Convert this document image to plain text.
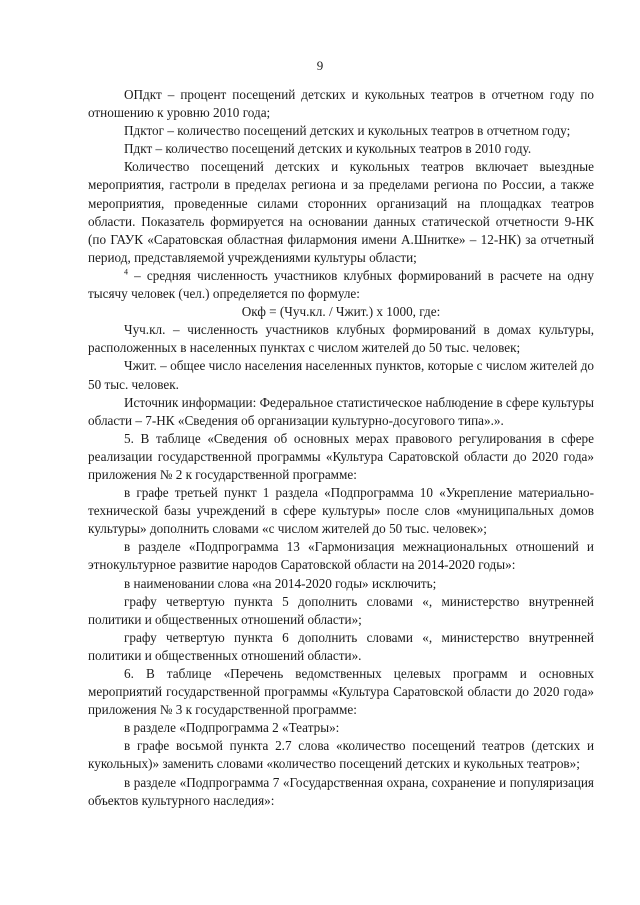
9

ОПдкт – процент посещений детских и кукольных театров в отчетном году по отношению к уровню 2010 года;

Пдктог – количество посещений детских и кукольных театров в отчетном году;

Пдкт – количество посещений детских и кукольных театров в 2010 году.

Количество посещений детских и кукольных театров включает выездные мероприятия, гастроли в пределах региона и за пределами региона по России, а также мероприятия, проведенные силами сторонних организаций на площадках театров области. Показатель формируется на основании данных статической отчетности 9-НК (по ГАУК «Саратовская областная филармония имени А.Шнитке» – 12-НК) за отчетный период, представляемой учреждениями культуры области;

$^4$ – средняя численность участников клубных формирований в расчете на одну тысячу человек (чел.) определяется по формуле:

Окф = (Чуч.кл. / Чжит.) х 1000, где:

Чуч.кл. – численность участников клубных формирований в домах культуры, расположенных в населенных пунктах с числом жителей до 50 тыс. человек;

Чжит. – общее число населения населенных пунктов, которые с числом жителей до 50 тыс. человек.

Источник информации: Федеральное статистическое наблюдение в сфере культуры области – 7-НК «Сведения об организации культурно-досугового типа».».

5. В таблице «Сведения об основных мерах правового регулирования в сфере реализации государственной программы «Культура Саратовской области до 2020 года» приложения № 2 к государственной программе:

в графе третьей пункт 1 раздела «Подпрограмма 10 «Укрепление материально-технической базы учреждений в сфере культуры» после слов «муниципальных домов культуры» дополнить словами «с числом жителей до 50 тыс. человек»;

в разделе «Подпрограмма 13 «Гармонизация межнациональных отношений и этнокультурное развитие народов Саратовской области на 2014-2020 годы»:

в наименовании слова «на 2014-2020 годы» исключить;

графу четвертую пункта 5 дополнить словами «, министерство внутренней политики и общественных отношений области»;

графу четвертую пункта 6 дополнить словами «, министерство внутренней политики и общественных отношений области».

6. В таблице «Перечень ведомственных целевых программ и основных мероприятий государственной программы «Культура Саратовской области до 2020 года» приложения № 3 к государственной программе:

в разделе «Подпрограмма 2 «Театры»:

в графе восьмой пункта 2.7 слова «количество посещений театров (детских и кукольных)» заменить словами «количество посещений детских и кукольных театров»;

в разделе «Подпрограмма 7 «Государственная охрана, сохранение и популяризация объектов культурного наследия»:
